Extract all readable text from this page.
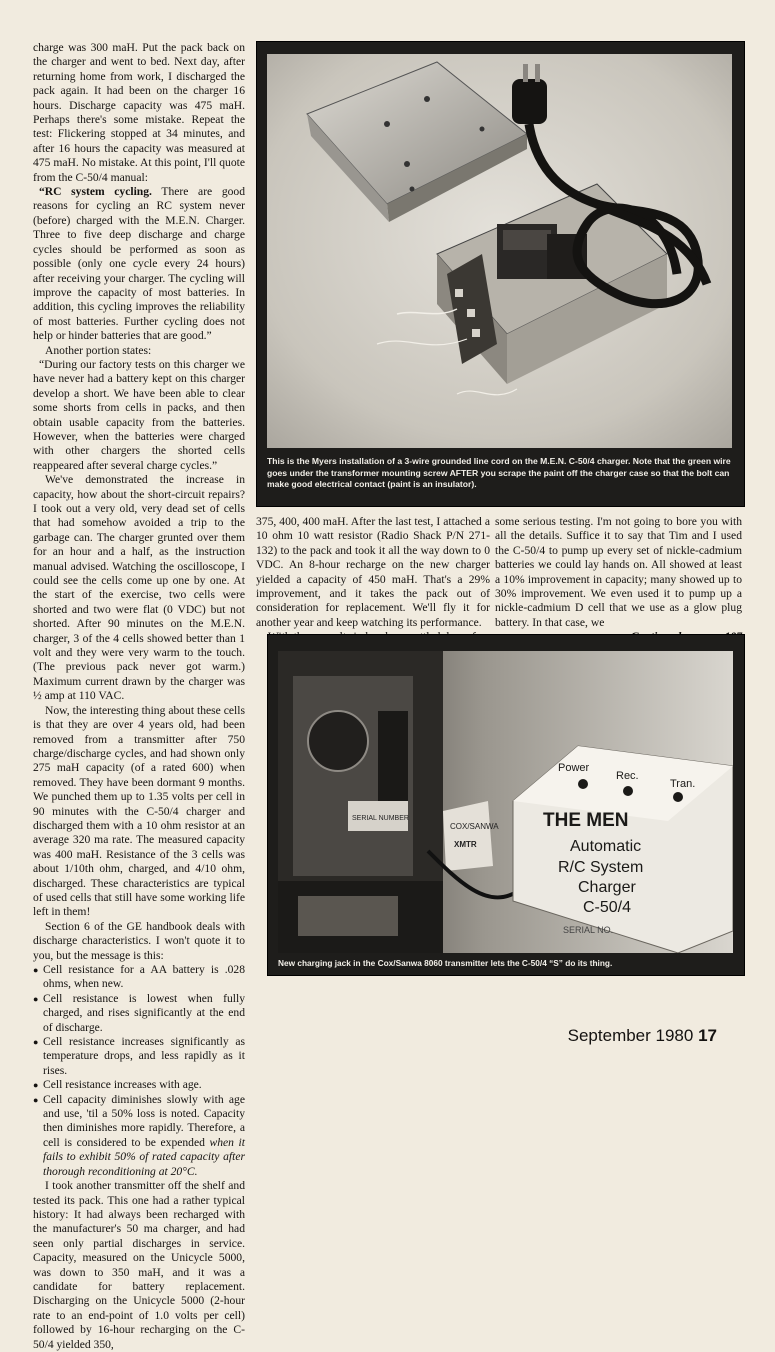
charge was 300 maH. Put the pack back on the charger and went to bed. Next day, after returning home from work, I discharged the pack again. It had been on the charger 16 hours. Discharge capacity was 475 maH. Perhaps there's some mistake. Repeat the test: Flickering stopped at 34 minutes, and after 16 hours the capacity was measured at 475 maH. No mistake. At this point, I'll quote from the C-50/4 manual:

“RC system cycling. There are good reasons for cycling an RC system never (before) charged with the M.E.N. Charger. Three to five deep discharge and charge cycles should be performed as soon as possible (only one cycle every 24 hours) after receiving your charger. The cycling will improve the capacity of most batteries. In addition, this cycling improves the reliability of most batteries. Further cycling does not help or hinder batteries that are good.”

Another portion states:

“During our factory tests on this charger we have never had a battery kept on this charger develop a short. We have been able to clear some shorts from cells in packs, and then obtain usable capacity from the batteries. However, when the batteries were charged with other chargers the shorted cells reappeared after several charge cycles.”

We've demonstrated the increase in capacity, how about the short-circuit repairs? I took out a very old, very dead set of cells that had somehow avoided a trip to the garbage can. The charger grunted over them for an hour and a half, as the instruction manual advised. Watching the oscilloscope, I could see the cells come up one by one. At the start of the exercise, two cells were shorted and two were flat (0 VDC) but not shorted. After 90 minutes on the M.E.N. charger, 3 of the 4 cells showed better than 1 volt and they were very warm to the touch. (The previous pack never got warm.) Maximum current drawn by the charger was ½ amp at 110 VAC.

Now, the interesting thing about these cells is that they are over 4 years old, had been removed from a transmitter after 750 charge/discharge cycles, and had shown only 275 maH capacity (of a rated 600) when removed. They have been dormant 9 months. We punched them up to 1.35 volts per cell in 90 minutes with the C-50/4 charger and discharged them with a 10 ohm resistor at an average 320 ma rate. The measured capacity was 400 maH. Resistance of the 3 cells was about 1/10th ohm, charged, and 4/10 ohm, discharged. These characteristics are typical of used cells that still have some working life left in them!

Section 6 of the GE handbook deals with discharge characteristics. I won't quote it to you, but the message is this:

● Cell resistance for a AA battery is .028 ohms, when new.
● Cell resistance is lowest when fully charged, and rises significantly at the end of discharge.
● Cell resistance increases significantly as temperature drops, and less rapidly as it rises.
● Cell resistance increases with age.
● Cell capacity diminishes slowly with age and use, 'til a 50% loss is noted. Capacity then diminishes more rapidly. Therefore, a cell is considered to be expended when it fails to exhibit 50% of rated capacity after thorough reconditioning at 20°C.

I took another transmitter off the shelf and tested its pack. This one had a rather typical history: It had always been recharged with the manufacturer's 50 ma charger, and had seen only partial discharges in service. Capacity, measured on the Unicycle 5000, was down to 350 maH, and it was a candidate for battery replacement. Discharging on the Unicycle 5000 (2-hour rate to an end-point of 1.0 volts per cell) followed by 16-hour recharging on the C-50/4 yielded 350,

This is the Myers installation of a 3-wire grounded line cord on the M.E.N. C-50/4 charger. Note that the green wire goes under the transformer mounting screw AFTER you scrape the paint off the charger case so that the bolt can make good electrical contact (paint is an insulator).

375, 400, 400 maH. After the last test, I attached a 10 ohm 10 watt resistor (Radio Shack P/N 271-132) to the pack and took it all the way down to 0 VDC. An 8-hour recharge on the new charger yielded a capacity of 450 maH. That's a 29% improvement, and it takes the pack out of consideration for replacement. We'll fly it for another year and keep watching its performance.

some serious testing. I'm not going to bore you with all the details. Suffice it to say that Tim and I used the C-50/4 to pump up every set of nickle-cadmium batteries we could lay hands on. All showed at least a 10% improvement in capacity; many showed up to 30% improvement. We even used it to pump up a nickle-cadmium D cell that we use as a glow plug battery. In that case, we

SERIAL NUMBER
COX/SANWA
XMTR
Power
Rec.
Tran.
THE MEN
Automatic
R/C System
Charger
C-50/4
SERIAL NO.
New charging jack in the Cox/Sanwa 8060 transmitter lets the C-50/4 “S” do its thing.
September 1980 17
